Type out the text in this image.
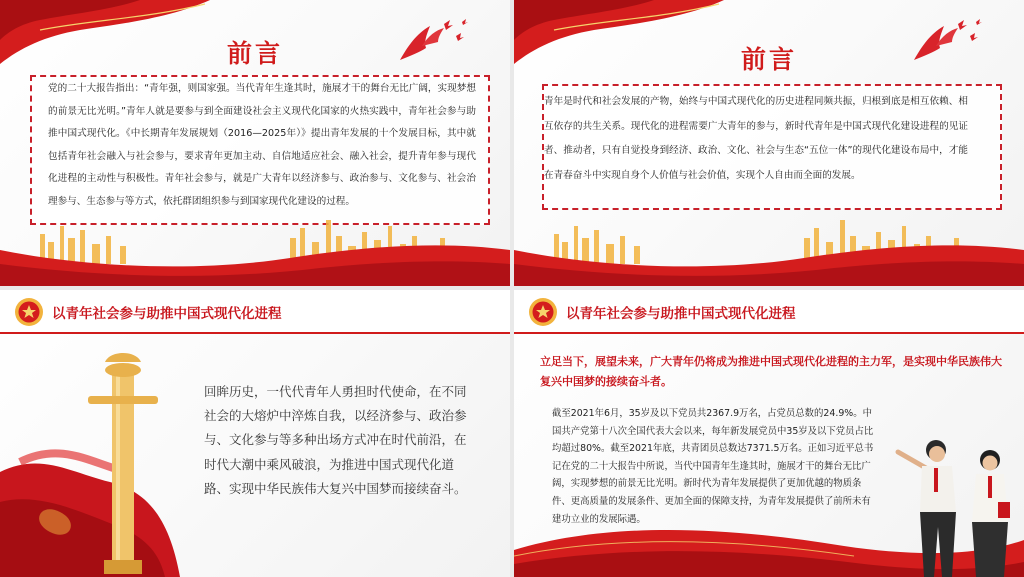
前言
党的二十大报告指出：“青年强，则国家强。当代青年生逢其时，施展才干的舞台无比广阔，实现梦想的前景无比光明。”青年人就是要参与到全面建设社会主义现代化国家的火热实践中，青年社会参与助推中国式现代化。《中长期青年发展规划（2016—2025年）》提出青年发展的十个发展目标，其中就包括青年社会融入与社会参与，要求青年更加主动、自信地适应社会、融入社会，提升青年参与现代化进程的主动性与积极性。青年社会参与，就是广大青年以经济参与、政治参与、文化参与、社会治理参与、生态参与等方式，依托群团组织参与到国家现代化建设的过程。
前言
青年是时代和社会发展的产物，始终与中国式现代化的历史进程同频共振，归根到底是相互依赖、相互依存的共生关系。现代化的进程需要广大青年的参与，新时代青年是中国式现代化建设进程的见证者、推动者，只有自觉投身到经济、政治、文化、社会与生态“五位一体”的现代化建设布局中，才能在青春奋斗中实现自身个人价值与社会价值，实现个人自由而全面的发展。
以青年社会参与助推中国式现代化进程
回眸历史，一代代青年人勇担时代使命，在不同社会的大熔炉中淬炼自我，以经济参与、政治参与、文化参与等多种出场方式冲在时代前沿，在时代大潮中乘风破浪，为推进中国式现代化道路、实现中华民族伟大复兴中国梦而接续奋斗。
以青年社会参与助推中国式现代化进程
立足当下，展望未来，广大青年仍将成为推进中国式现代化进程的主力军，是实现中华民族伟大复兴中国梦的接续奋斗者。
截至2021年6月，35岁及以下党员共2367.9万名，占党员总数的24.9%。中国共产党第十八次全国代表大会以来，每年新发展党员中35岁及以下党员占比均超过80%。截至2021年底，共青团员总数达7371.5万名。正如习近平总书记在党的二十大报告中所说，当代中国青年生逢其时，施展才干的舞台无比广阔，实现梦想的前景无比光明。新时代为青年发展提供了更加优越的物质条件、更高质量的发展条件、更加全面的保障支持，为青年发展提供了前所未有建功立业的发展际遇。
